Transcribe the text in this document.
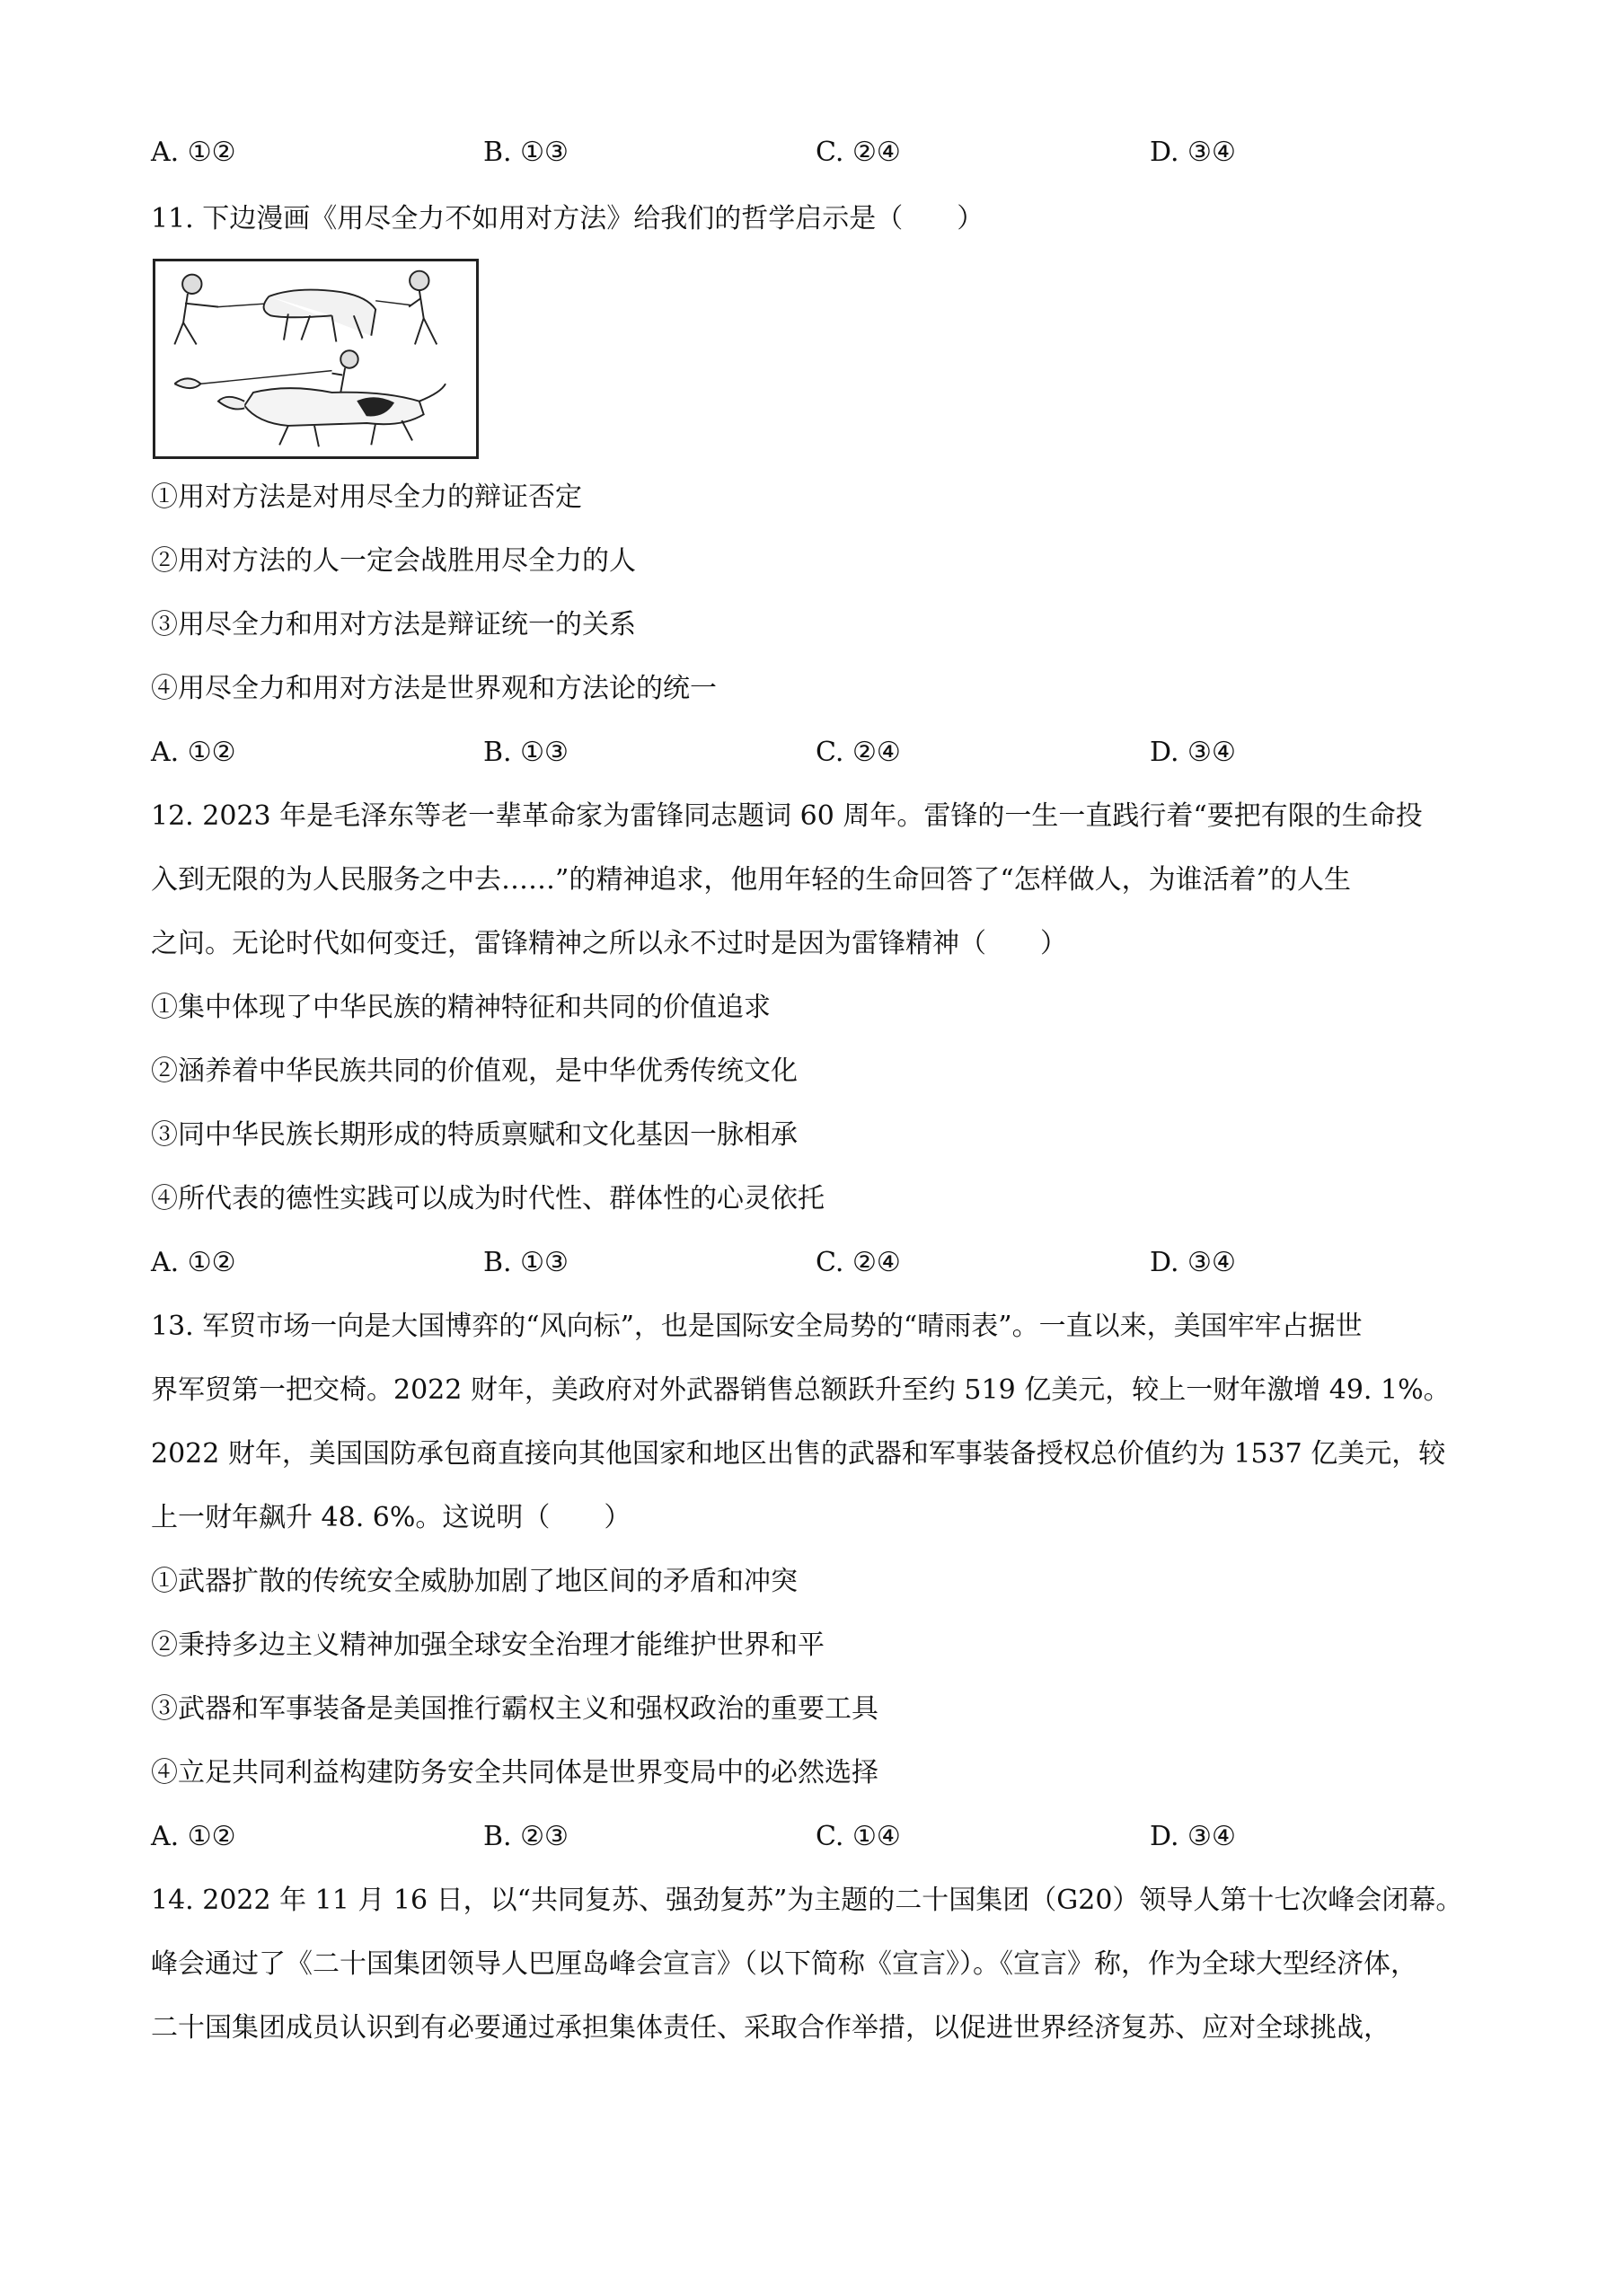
A. ①②	B. ①③	C. ②④	D. ③④
11. 下边漫画《用尽全力不如用对方法》给我们的哲学启示是（　　）
①用对方法是对用尽全力的辩证否定
②用对方法的人一定会战胜用尽全力的人
③用尽全力和用对方法是辩证统一的关系
④用尽全力和用对方法是世界观和方法论的统一
A. ①②	B. ①③	C. ②④	D. ③④
12. 2023 年是毛泽东等老一辈革命家为雷锋同志题词 60 周年。雷锋的一生一直践行着“要把有限的生命投
入到无限的为人民服务之中去……”的精神追求，他用年轻的生命回答了“怎样做人，为谁活着”的人生
之问。无论时代如何变迁，雷锋精神之所以永不过时是因为雷锋精神（　　）
①集中体现了中华民族的精神特征和共同的价值追求
②涵养着中华民族共同的价值观，是中华优秀传统文化
③同中华民族长期形成的特质禀赋和文化基因一脉相承
④所代表的德性实践可以成为时代性、群体性的心灵依托
A. ①②	B. ①③	C. ②④	D. ③④
13. 军贸市场一向是大国博弈的“风向标”，也是国际安全局势的“晴雨表”。一直以来，美国牢牢占据世
界军贸第一把交椅。2022 财年，美政府对外武器销售总额跃升至约 519 亿美元，较上一财年激增 49. 1%。
2022 财年，美国国防承包商直接向其他国家和地区出售的武器和军事装备授权总价值约为 1537 亿美元，较
上一财年飙升 48. 6%。这说明（　　）
①武器扩散的传统安全威胁加剧了地区间的矛盾和冲突
②秉持多边主义精神加强全球安全治理才能维护世界和平
③武器和军事装备是美国推行霸权主义和强权政治的重要工具
④立足共同利益构建防务安全共同体是世界变局中的必然选择
A. ①②	B. ②③	C. ①④	D. ③④
14. 2022 年 11 月 16 日，以“共同复苏、强劲复苏”为主题的二十国集团（G20）领导人第十七次峰会闭幕。
峰会通过了《二十国集团领导人巴厘岛峰会宣言》（以下简称《宣言》）。《宣言》称，作为全球大型经济体，
二十国集团成员认识到有必要通过承担集体责任、采取合作举措，以促进世界经济复苏、应对全球挑战，
